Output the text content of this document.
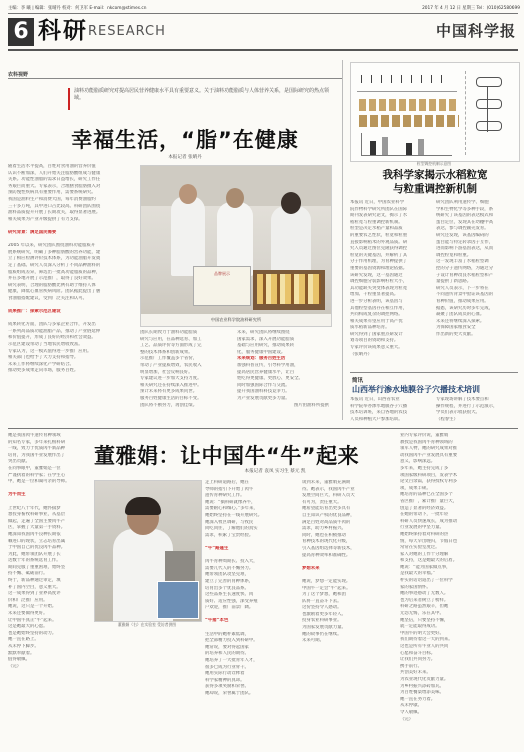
主编：李 曦 | 编辑：张晴丹 校对：何卫军 E-mail：nkcom@stimes.cn	2017 年 4 月 12 日 星期三 Tel：(010)62580699
6 科研 RESEARCH	中国科学报
农科视野
油料功能脂质研究对提高居民营养健康水平具有重要意义。关于油料功能脂质与人体营养关系，是国际研究的热点领域。
幸福生活，“脂”在健康
本报记者 张晴丹
随着生活水平提高，百姓对食用油的营养价值
认识不断加深，人们开始关注脂肪酸组成与健康
关系。功能性油脂的需求日益增长，研究工作任
务艰巨而重大。专家表示，合理膳食脂肪摄入对
预防慢性疾病具有重要作用，需要系统研究。
我国是油料生产和消费大国，每年消费油脂约
三千多万吨，其中进口占比较高。科研团队围绕
油料品质提升开展了长期攻关，取得显著进展。
相关成果为产业升级提供了有力支撑。

研究背景：满足国民需要

2005 年以来，研究团队围绕油料功能脂质开
展系统研究，明确了多种脂肪酸的营养功能，建
立了相应检测评价技术体系，为功能油脂开发奠
定了基础。研究人员深入分析了不同品种油料的
脂质组成差异，筛选出一批高功能脂质的品种，
并在多地开展了示范推广，取得了良好效果。
研究表明，合理的脂肪酸比例有助于维持人体
健康，降低心血管疾病风险。团队据此提出了膳
食油脂搭配建议，受到广泛关注和认可。

成果推广：探索示范区建设

成果转化方面，团队与多家企业合作，开发出
一系列高品质功能油脂产品，推动了产业链延伸
和价值提升，形成了良好的经济和社会效益。
示范区建设带动了当地农民增收致富。
专家认为，这一模式值得进一步推广应用。
相关部门也给予了大力支持和指导。
未来工作将继续深化产学研结合。
推动更多成果走向市场，服务百姓。
品牌展示
中国农业科学院油料研究所
团队长期致力于油料功能脂质
研究与应用，在品种选育、加工
工艺、品质评价等方面形成了完
整的技术体系和创新成果。
示范推广工作覆盖多个省份，
带动了产业提质增效，农民收入
明显增加，社会反响良好。
专家建议进一步加大支持力度。
相关研究还在持续深入推进中。
预计未来将有更多成果问世。
服务百姓健康生活的目标不变。
团队将不断努力，再创佳绩。
未来，研究团队将继续围绕
国家需求，深入开展功能脂质
基础与应用研究，推动成果转
化，服务健康中国建设。
未来规划：服务百姓生活
加强科普宣传，引导科学用油，
提高居民营养健康水平，让百
姓吃得更健康、更放心、更安全。
同时加强国际合作与交流。
提升我国油料科技竞争力。
为产业发展贡献更多力量。
图片由油料所提供
粒型调控机制示意图
我科学家揭示水稻粒宽
与粒重调控新机制
本报讯 近日，中国农业科学
院作物科学研究所团队在国际
期刊发表研究论文，揭示了水
稻粒宽与粒重调控新机制。
粒型是决定水稻产量和品质
的重要农艺性状，粒宽和粒重
直接影响稻米的外观品质。研
究人员通过图位克隆获得调控
粒宽的关键基因，并解析了其
分子作用机理，为育种提供了
重要的基因资源和理论依据。
该研究发现，这一基因通过
调控细胞分裂影响籽粒大小，
其功能缺失突变体表现为粒宽
增加、千粒重显著提高。
进一步分析表明，该基因与
其他粒型基因存在相互作用，
共同构成复杂的调控网络。
相关成果有望应用于高产优
质水稻新品种培育。
研究得到了国家重点研发计
划等项目的资助和支持。
专家评价该成果意义重大。
（张晴丹）
研究团队利用遗传学、细胞
学和生物化学等多种手段，系
统研究了该基因的表达模式和
蛋白定位，发现其在幼穗中高
表达，参与调控颖壳发育。
研究还发现，该基因编码的
蛋白能与特定转录因子互作，
进而影响下游基因表达，从而
调控粒宽和粒重。
这一发现丰富了水稻粒型调
控的分子遗传网络，为通过分
子设计育种改良水稻粒型和产
量提供了新思路。
研究人员表示，下一步将在
不同遗传背景中验证该基因的
育种价值，推动成果应用。
据悉，该研究历时多年完成，
凝聚了团队成员的心血。
未来还将继续深入探索。
为保障国家粮食安全
作出新的更大贡献。

简讯
山西举行渗水地膜谷子穴播技术培训
本报讯 近日，山西省农业
科学院举办渗水地膜谷子穴播
技术培训班，来自各地的农技
人员和种植大户参加培训。
专家现场讲解了技术要点和
操作规程，并进行了示范演示，
学员们表示收获很大。
（程春生）
她是我国肉牛遗传育种领域
的知名专家，多年来扎根科研
一线，致力于优质肉牛新品种
培育，为我国牛业发展作出了
突出贡献。
在同事眼中，董雅娟是一位
严谨执着的科学家；在学生心
中，她是一位和蔼可亲的导师。

为牛而生

上世纪八十年代，她怀揣梦
想投身畜牧科研事业，从基层
做起，走遍了全国主要肉牛产
区，掌握了大量第一手资料。
她深知我国肉牛良种长期依
赖进口的现状，立志培育出属
于中国自己的优良肉牛品种。
为此，她带领团队开展了长
达数十年的系统选育工作。
期间克服了重重困难，始终坚
持不懈、砥砺前行。
终于，新品种通过审定，填
补了国内空白，意义重大。
这一成果得到了业界高度评
价和广泛推广应用。
她说，这只是一个开始。
未来还要做得更好。
让中国牛真正“牛”起来。
这是她最大的心愿。
也是她始终坚持的动力。
她一直在路上。
从未停下脚步。
默默奉献着。
值得敬佩。
（完）

董雅娟：让中国牛“牛”起来
本报记者 袁凤 实习生 蔡元 凯
董雅娟（右）在实验室 受访者供图
走上科研道路后，她在
导师的指引下开始了肉牛
遗传育种研究工作。
她说：“搞科研就像养牛，
需要耐心和细心。”多年来，
她始终坚持在一线开展研究。
她深入牧区调研，与牧民
同吃同住，了解他们的真实
需求，积累了宝贵经验。

“牛”路逢生

肉牛育种周期长、投入大，
需要几代人的不懈努力。
她带领团队攻坚克难，
建立了完善的育种体系，
培育出多个优良品系。
这些品系生长速度快、肉
质好、适应性强，深受养殖
户欢迎，推广前景广阔。

“牛猪”本色

生活中的她朴素低调，
把全部精力投入到科研中。
她常说，要对得起国家
的培养和人民的期待。
她培养了一大批青年人才，
很多已成为行业骨干。
她用实际行动诠释着
科学家精神的真谛。
获得多项奖励和荣誉。
她却说，荣誉属于团队。

谈到未来，董雅娟充满期
待。她表示，我国肉牛产业
发展空间巨大，科研人员大
有可为，责任重大。
她希望能培育出更多具有
自主知识产权的优良品种，
满足百姓对高品质牛肉的
需求，助力乡村振兴。
同时，她也在积极推动
育种技术的现代化升级，
引入基因组选择等新技术，
提高育种效率和准确性。

梦想未来

她说，梦想一定能实现。
中国牛一定会“牛”起来。
为了这个梦想，她和团
队将一直奋斗下去。
这份坚持令人感动。
也激励着更多年轻人。
投身农业科研事业。
为国家发展贡献力量。
她的故事仍在继续。
未来可期。

业内专家评价说，董雅娟
教授是我国肉牛育种领域的
领军人物，她的研究成果对推
动我国肉牛产业发展具有重要
意义，影响深远。
多年来，她主持完成了多
项国家级科研项目，发表学术
论文百余篇，获得授权专利多
项，成果丰硕。
她培育的品种已在全国多个
省区推广，累计推广量巨大，
创造了显著的经济效益。
在她的带动下，一批年轻
科研人员快速成长，成为推动
行业发展的中坚力量。
她始终保持着对科研的热
情，每天早出晚归，节假日也
常常在实验室度过。
家人对她的工作十分理解
和支持，这是她最大的后盾。
她说：“能为国家做点事，
是我最大的幸福。”
朴实的话语道出了一位科学
家的家国情怀。
她的事迹感动了无数人。
也为后来者树立了榜样。
科研之路虽然艰辛，但她
无怨无悔，乐在其中。
她坚信，只要坚持不懈，
就一定能取得成功。
中国牛的明天会更好。
我们期待着这一天的到来。
这也是所有牛业人的共同
心愿和奋斗目标。
让我们共同努力。
携手前行。
共创美好未来。
为农业现代化贡献力量。
为乡村振兴添砖加瓦。
为百姓餐桌增添美味。
她一直在努力着。
从未停歇。
令人敬佩。
（完）
